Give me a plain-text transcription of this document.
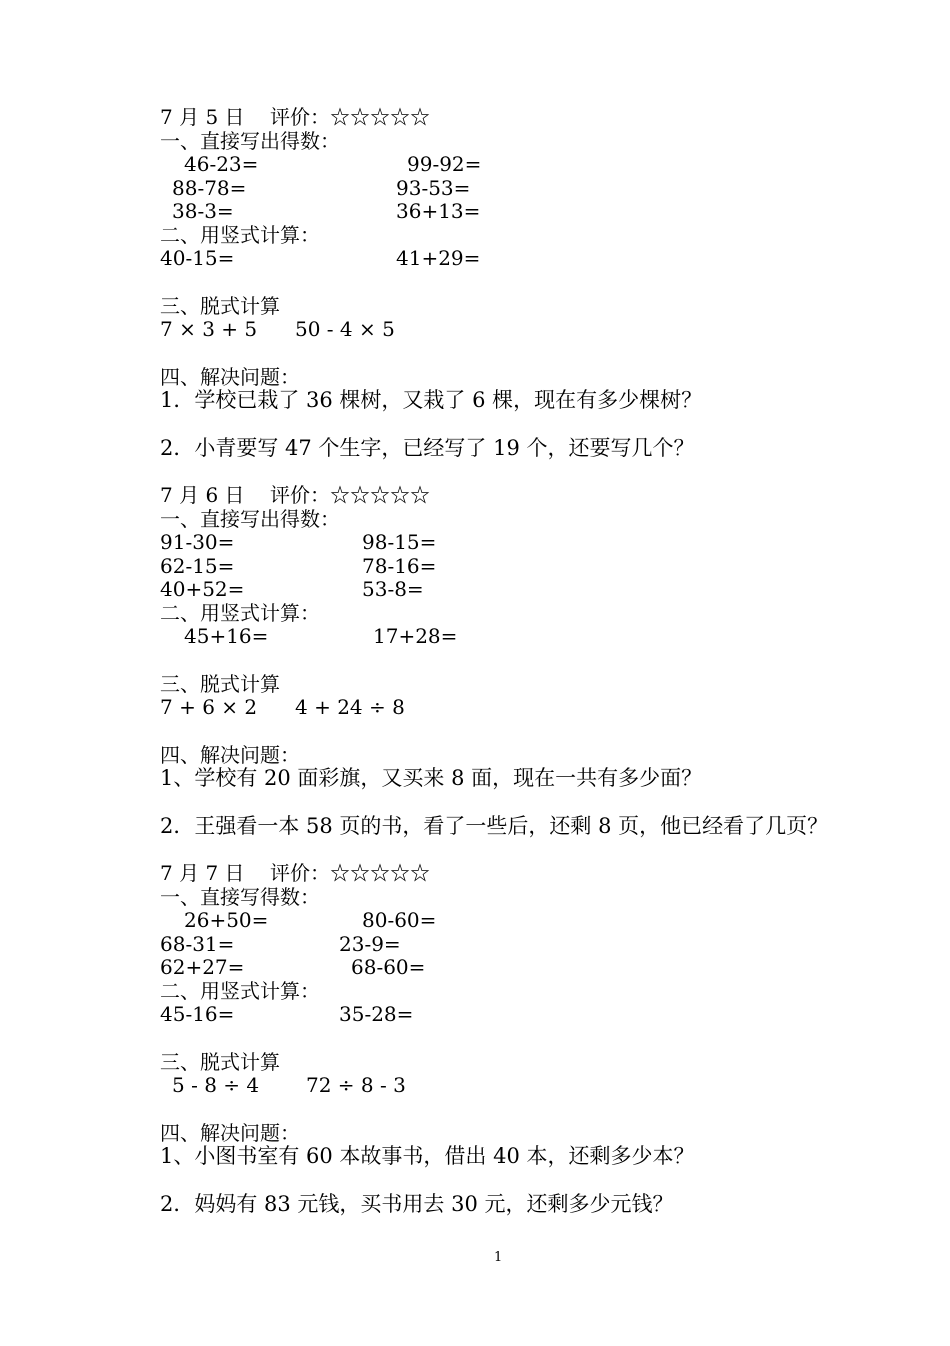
7 月 5 日    评价：☆☆☆☆☆
一、直接写出得数：
46-23=	99-92=
88-78=	93-53=
38-3=	36+13=
二、用竖式计算：
40-15=	41+29=
三、脱式计算
7 × 3 + 5 50 - 4 × 5
四、解决问题：
1．学校已栽了 36 棵树，又栽了 6 棵，现在有多少棵树？
2．小青要写 47 个生字，已经写了 19 个，还要写几个？
7 月 6 日    评价：☆☆☆☆☆
一、直接写出得数：
91-30=	98-15=
62-15=	78-16=
40+52=	53-8=
二、用竖式计算：
45+16=	17+28=
三、脱式计算
7 + 6 × 2 4 + 24 ÷ 8
四、解决问题：
1、学校有 20 面彩旗，又买来 8 面，现在一共有多少面？
2．王强看一本 58 页的书，看了一些后，还剩 8 页，他已经看了几页？
7 月 7 日    评价：☆☆☆☆☆
一、直接写得数：
26+50=	80-60=
68-31=	23-9=
62+27=	68-60=
二、用竖式计算：
45-16=	35-28=
三、脱式计算
5 - 8 ÷ 4 72 ÷ 8 - 3
四、解决问题：
1、小图书室有 60 本故事书，借出 40 本，还剩多少本？
2．妈妈有 83 元钱，买书用去 30 元，还剩多少元钱？
1
